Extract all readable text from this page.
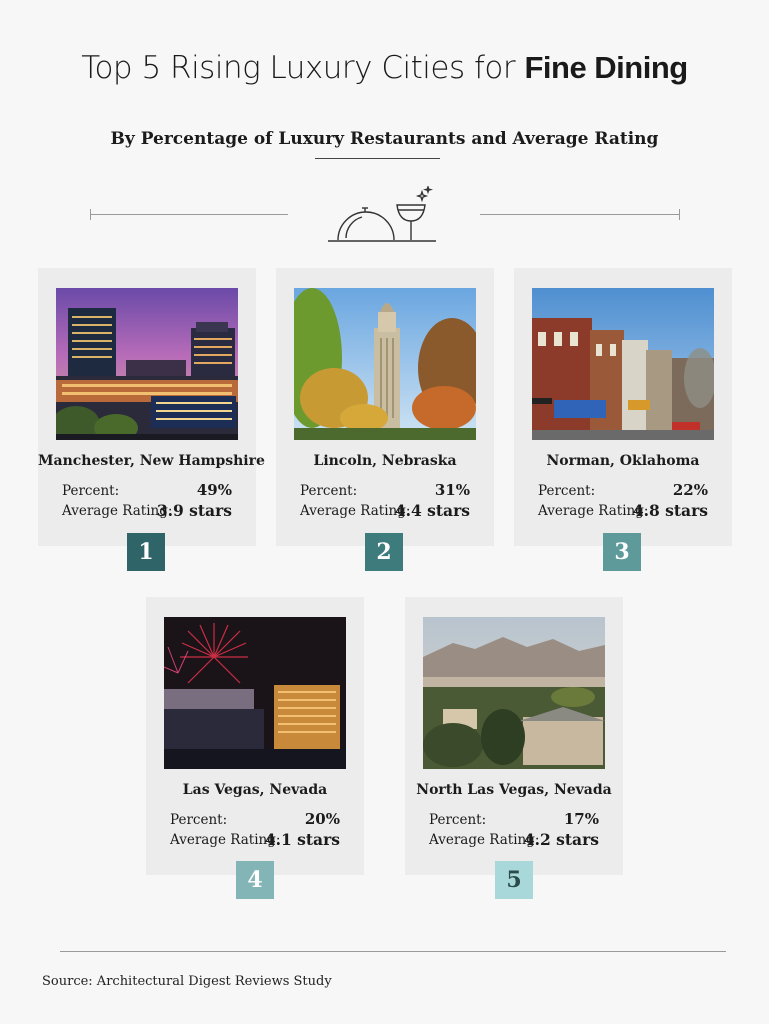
Top 5 Rising Luxury Cities for Fine Dining
By Percentage of Luxury Restaurants and Average Rating
Manchester, New Hampshire
Percent:	49%
Average Rating:
3.9 stars
1
Lincoln, Nebraska
Percent:	31%
Average Rating:
4.4 stars
2
Norman, Oklahoma
Percent:	22%
Average Rating:
4.8 stars
3
Las Vegas, Nevada
Percent:	20%
Average Rating:
4.1 stars
4
North Las Vegas, Nevada
Percent:	17%
Average Rating:
4.2 stars
5
Source: Architectural Digest Reviews Study
